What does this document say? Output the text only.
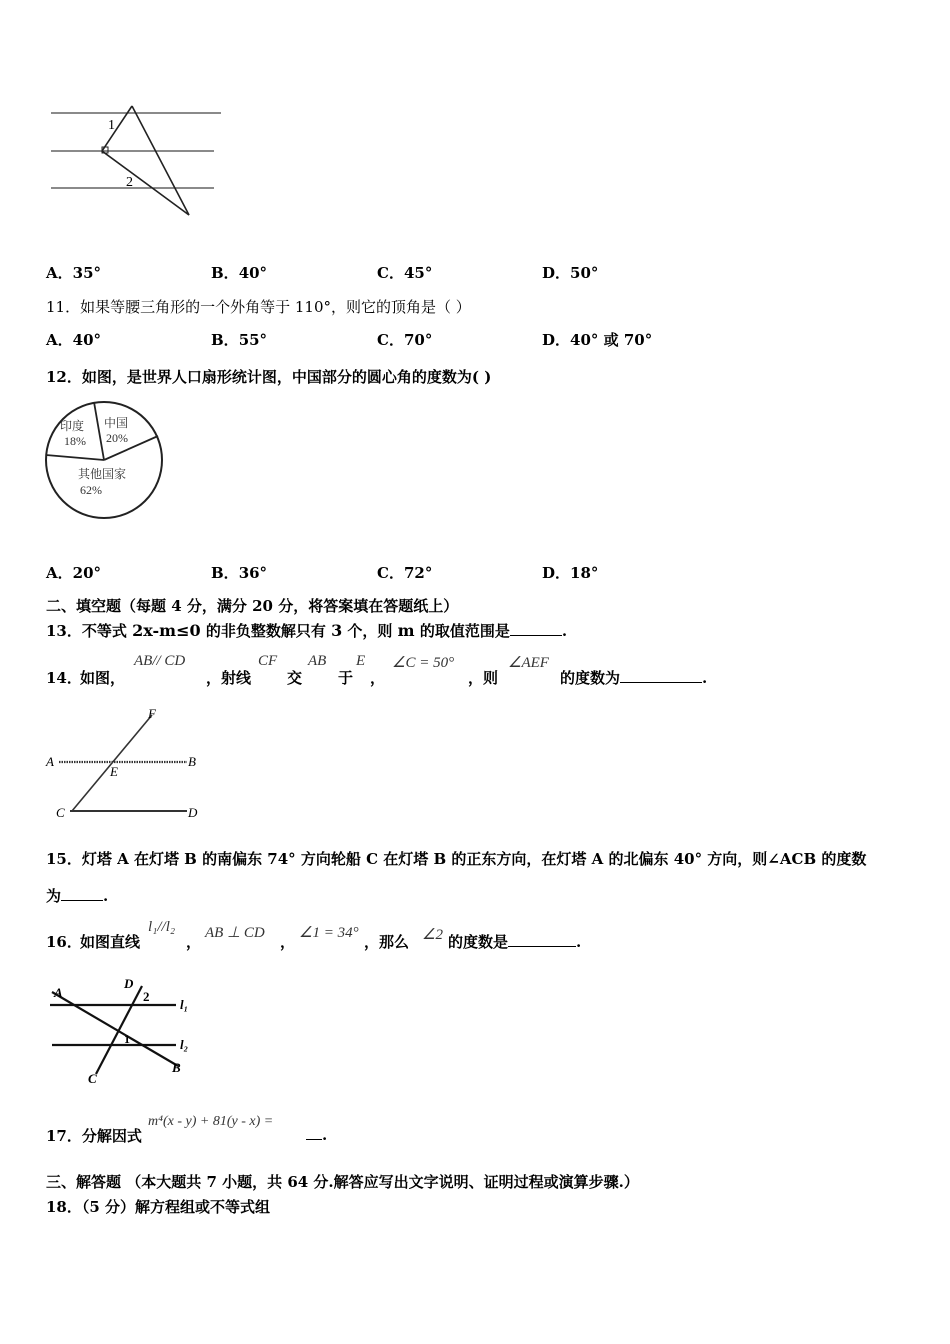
1
2
A．35°	B．40°	C．45°	D．50°
11．如果等腰三角形的一个外角等于 110°，则它的顶角是（ ）
A．40°	B．55°	C．70°	D．40° 或 70°
12．如图，是世界人口扇形统计图，中国部分的圆心角的度数为( )
印度
18%
中国
20%
其他国家
62%
A．20°	B．36°	C．72°	D．18°
二、填空题（每题 4 分，满分 20 分，将答案填在答题纸上）
13．不等式 2x-m≤0 的非负整数解只有 3 个，则 m 的取值范围是	.
14．
如图，
AB// CD
，射线
CF
交
AB
于
E
，
∠C = 50°
，则
∠AEF
的度数为	.
A	B
C	D
E
F
15．灯塔 A 在灯塔 B 的南偏东 74° 方向轮船 C 在灯塔 B 的正东方向，在灯塔 A 的北偏东 40° 方向，则∠ACB 的度数
为	.
16．
如图直线
l₁//l₂
， AB ⊥ CD ， ∠1 = 34° ，那么 ∠2 的度数是	.
A
B
C
D
2
1
l₁
l₂
17．分解因式
m⁴(x - y) + 81(y - x) =
.
三、解答题 （本大题共 7 小题，共 64 分.解答应写出文字说明、证明过程或演算步骤.）
18．（5 分）解方程组或不等式组
